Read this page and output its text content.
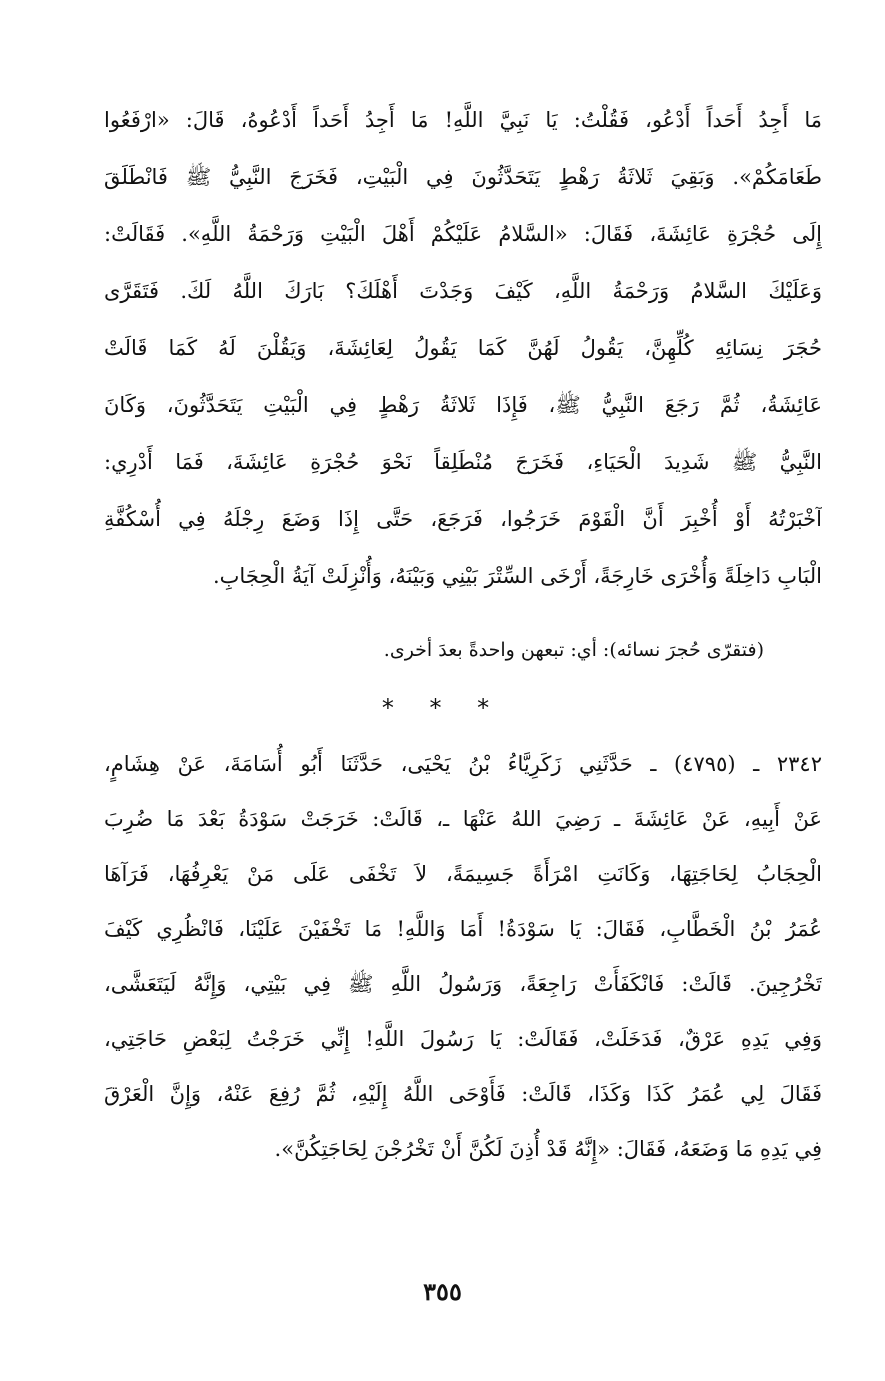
مَا أَجِدُ أَحَداً أَدْعُو، فَقُلْتُ: يَا نَبِيَّ اللَّهِ! مَا أَجِدُ أَحَداً أَدْعُوهُ، قَالَ: «ارْفَعُوا
طَعَامَكُمْ». وَبَقِيَ ثَلاثَةُ رَهْطٍ يَتَحَدَّثُونَ فِي الْبَيْتِ، فَخَرَجَ النَّبِيُّ ﷺ فَانْطَلَقَ
إِلَى حُجْرَةِ عَائِشَةَ، فَقَالَ: «السَّلامُ عَلَيْكُمْ أَهْلَ الْبَيْتِ وَرَحْمَةُ اللَّهِ». فَقَالَتْ:
وَعَلَيْكَ السَّلامُ وَرَحْمَةُ اللَّهِ، كَيْفَ وَجَدْتَ أَهْلَكَ؟ بَارَكَ اللَّهُ لَكَ. فَتَقَرَّى
حُجَرَ نِسَائِهِ كُلِّهِنَّ، يَقُولُ لَهُنَّ كَمَا يَقُولُ لِعَائِشَةَ، وَيَقُلْنَ لَهُ كَمَا قَالَتْ
عَائِشَةُ، ثُمَّ رَجَعَ النَّبِيُّ ﷺ، فَإِذَا ثَلاثَةُ رَهْطٍ فِي الْبَيْتِ يَتَحَدَّثُونَ، وَكَانَ
النَّبِيُّ ﷺ شَدِيدَ الْحَيَاءِ، فَخَرَجَ مُنْطَلِقاً نَحْوَ حُجْرَةِ عَائِشَةَ، فَمَا أَدْرِي:
آخْبَرْتُهُ أَوْ أُخْبِرَ أَنَّ الْقَوْمَ خَرَجُوا، فَرَجَعَ، حَتَّى إِذَا وَضَعَ رِجْلَهُ فِي أُسْكُفَّةِ
الْبَابِ دَاخِلَةً وَأُخْرَى خَارِجَةً، أَرْخَى السِّتْرَ بَيْنِي وَبَيْنَهُ، وَأُنْزِلَتْ آيَةُ الْحِجَابِ.
(فتقرّى حُجرَ نسائه): أي: تبعهن واحدةً بعدَ أخرى.
* * *
٢٣٤٢ ـ (٤٧٩٥) ـ حَدَّثَنِي زَكَرِيَّاءُ بْنُ يَحْيَى، حَدَّثَنَا أَبُو أُسَامَةَ، عَنْ هِشَامٍ،
عَنْ أَبِيهِ، عَنْ عَائِشَةَ ـ رَضِيَ اللهُ عَنْهَا ـ، قَالَتْ: خَرَجَتْ سَوْدَةُ بَعْدَ مَا ضُرِبَ
الْحِجَابُ لِحَاجَتِهَا، وَكَانَتِ امْرَأَةً جَسِيمَةً، لاَ تَخْفَى عَلَى مَنْ يَعْرِفُهَا، فَرَآهَا
عُمَرُ بْنُ الْخَطَّابِ، فَقَالَ: يَا سَوْدَةُ! أَمَا وَاللَّهِ! مَا تَخْفَيْنَ عَلَيْنَا، فَانْظُرِي كَيْفَ
تَخْرُجِينَ. قَالَتْ: فَانْكَفَأَتْ رَاجِعَةً، وَرَسُولُ اللَّهِ ﷺ فِي بَيْتِي، وَإِنَّهُ لَيَتَعَشَّى،
وَفِي يَدِهِ عَرْقٌ، فَدَخَلَتْ، فَقَالَتْ: يَا رَسُولَ اللَّهِ! إِنِّي خَرَجْتُ لِبَعْضِ حَاجَتِي،
فَقَالَ لِي عُمَرُ كَذَا وَكَذَا، قَالَتْ: فَأَوْحَى اللَّهُ إِلَيْهِ، ثُمَّ رُفِعَ عَنْهُ، وَإِنَّ الْعَرْقَ
فِي يَدِهِ مَا وَضَعَهُ، فَقَالَ: «إِنَّهُ قَدْ أُذِنَ لَكُنَّ أَنْ تَخْرُجْنَ لِحَاجَتِكُنَّ».
٣٥٥
